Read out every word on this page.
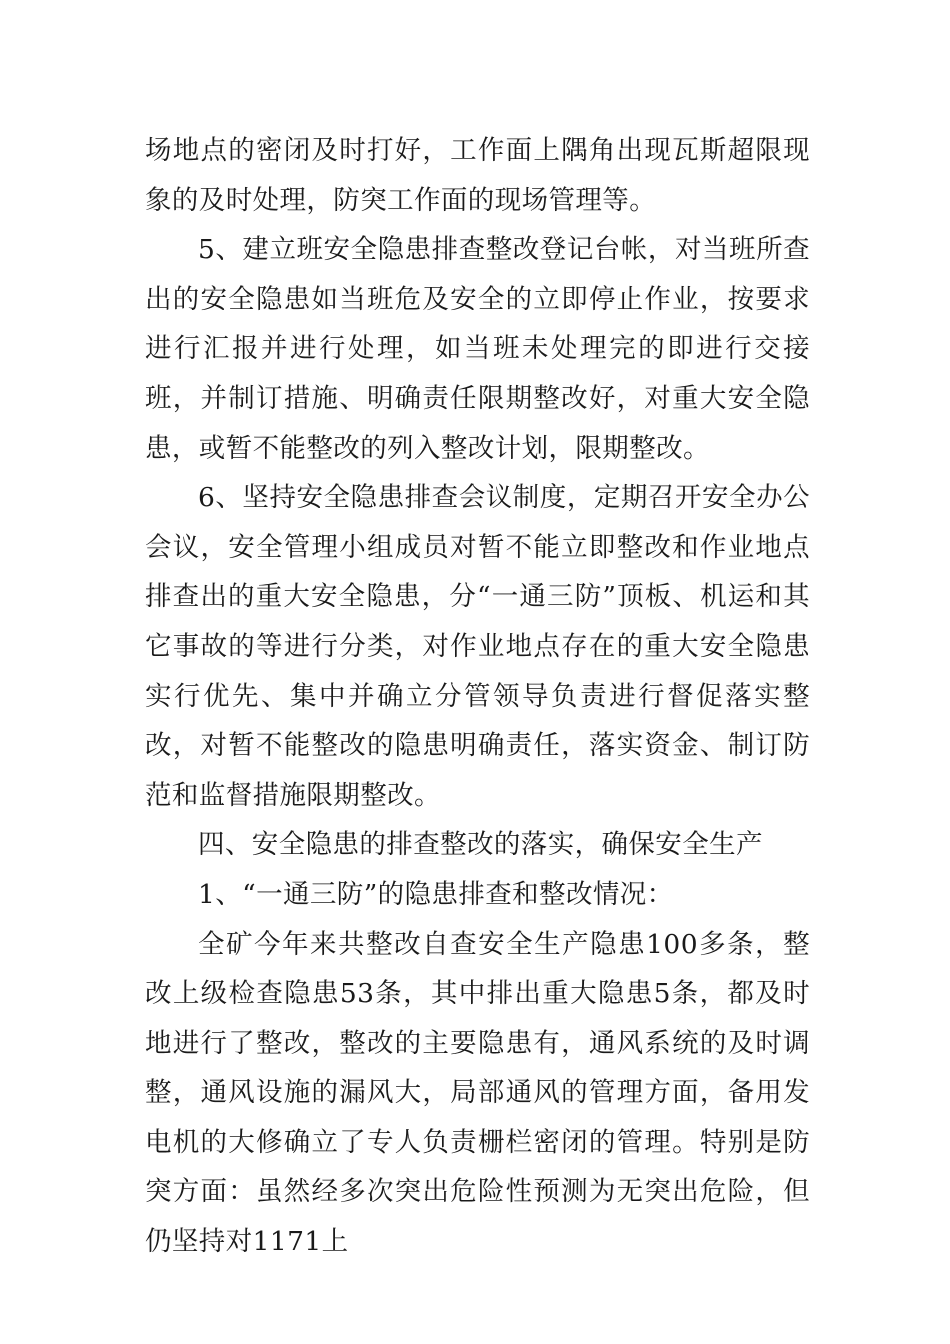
场地点的密闭及时打好，工作面上隅角出现瓦斯超限现象的及时处理，防突工作面的现场管理等。

5、建立班安全隐患排查整改登记台帐，对当班所查出的安全隐患如当班危及安全的立即停止作业，按要求进行汇报并进行处理，如当班未处理完的即进行交接班，并制订措施、明确责任限期整改好，对重大安全隐患，或暂不能整改的列入整改计划，限期整改。

6、坚持安全隐患排查会议制度，定期召开安全办公会议，安全管理小组成员对暂不能立即整改和作业地点排查出的重大安全隐患，分“一通三防”顶板、机运和其它事故的等进行分类，对作业地点存在的重大安全隐患实行优先、集中并确立分管领导负责进行督促落实整改，对暂不能整改的隐患明确责任，落实资金、制订防范和监督措施限期整改。

四、安全隐患的排查整改的落实，确保安全生产

1、“一通三防”的隐患排查和整改情况：

全矿今年来共整改自查安全生产隐患100多条，整改上级检查隐患53条，其中排出重大隐患5条，都及时地进行了整改，整改的主要隐患有，通风系统的及时调整，通风设施的漏风大，局部通风的管理方面，备用发电机的大修确立了专人负责栅栏密闭的管理。特别是防突方面：虽然经多次突出危险性预测为无突出危险，但仍坚持对1171上
